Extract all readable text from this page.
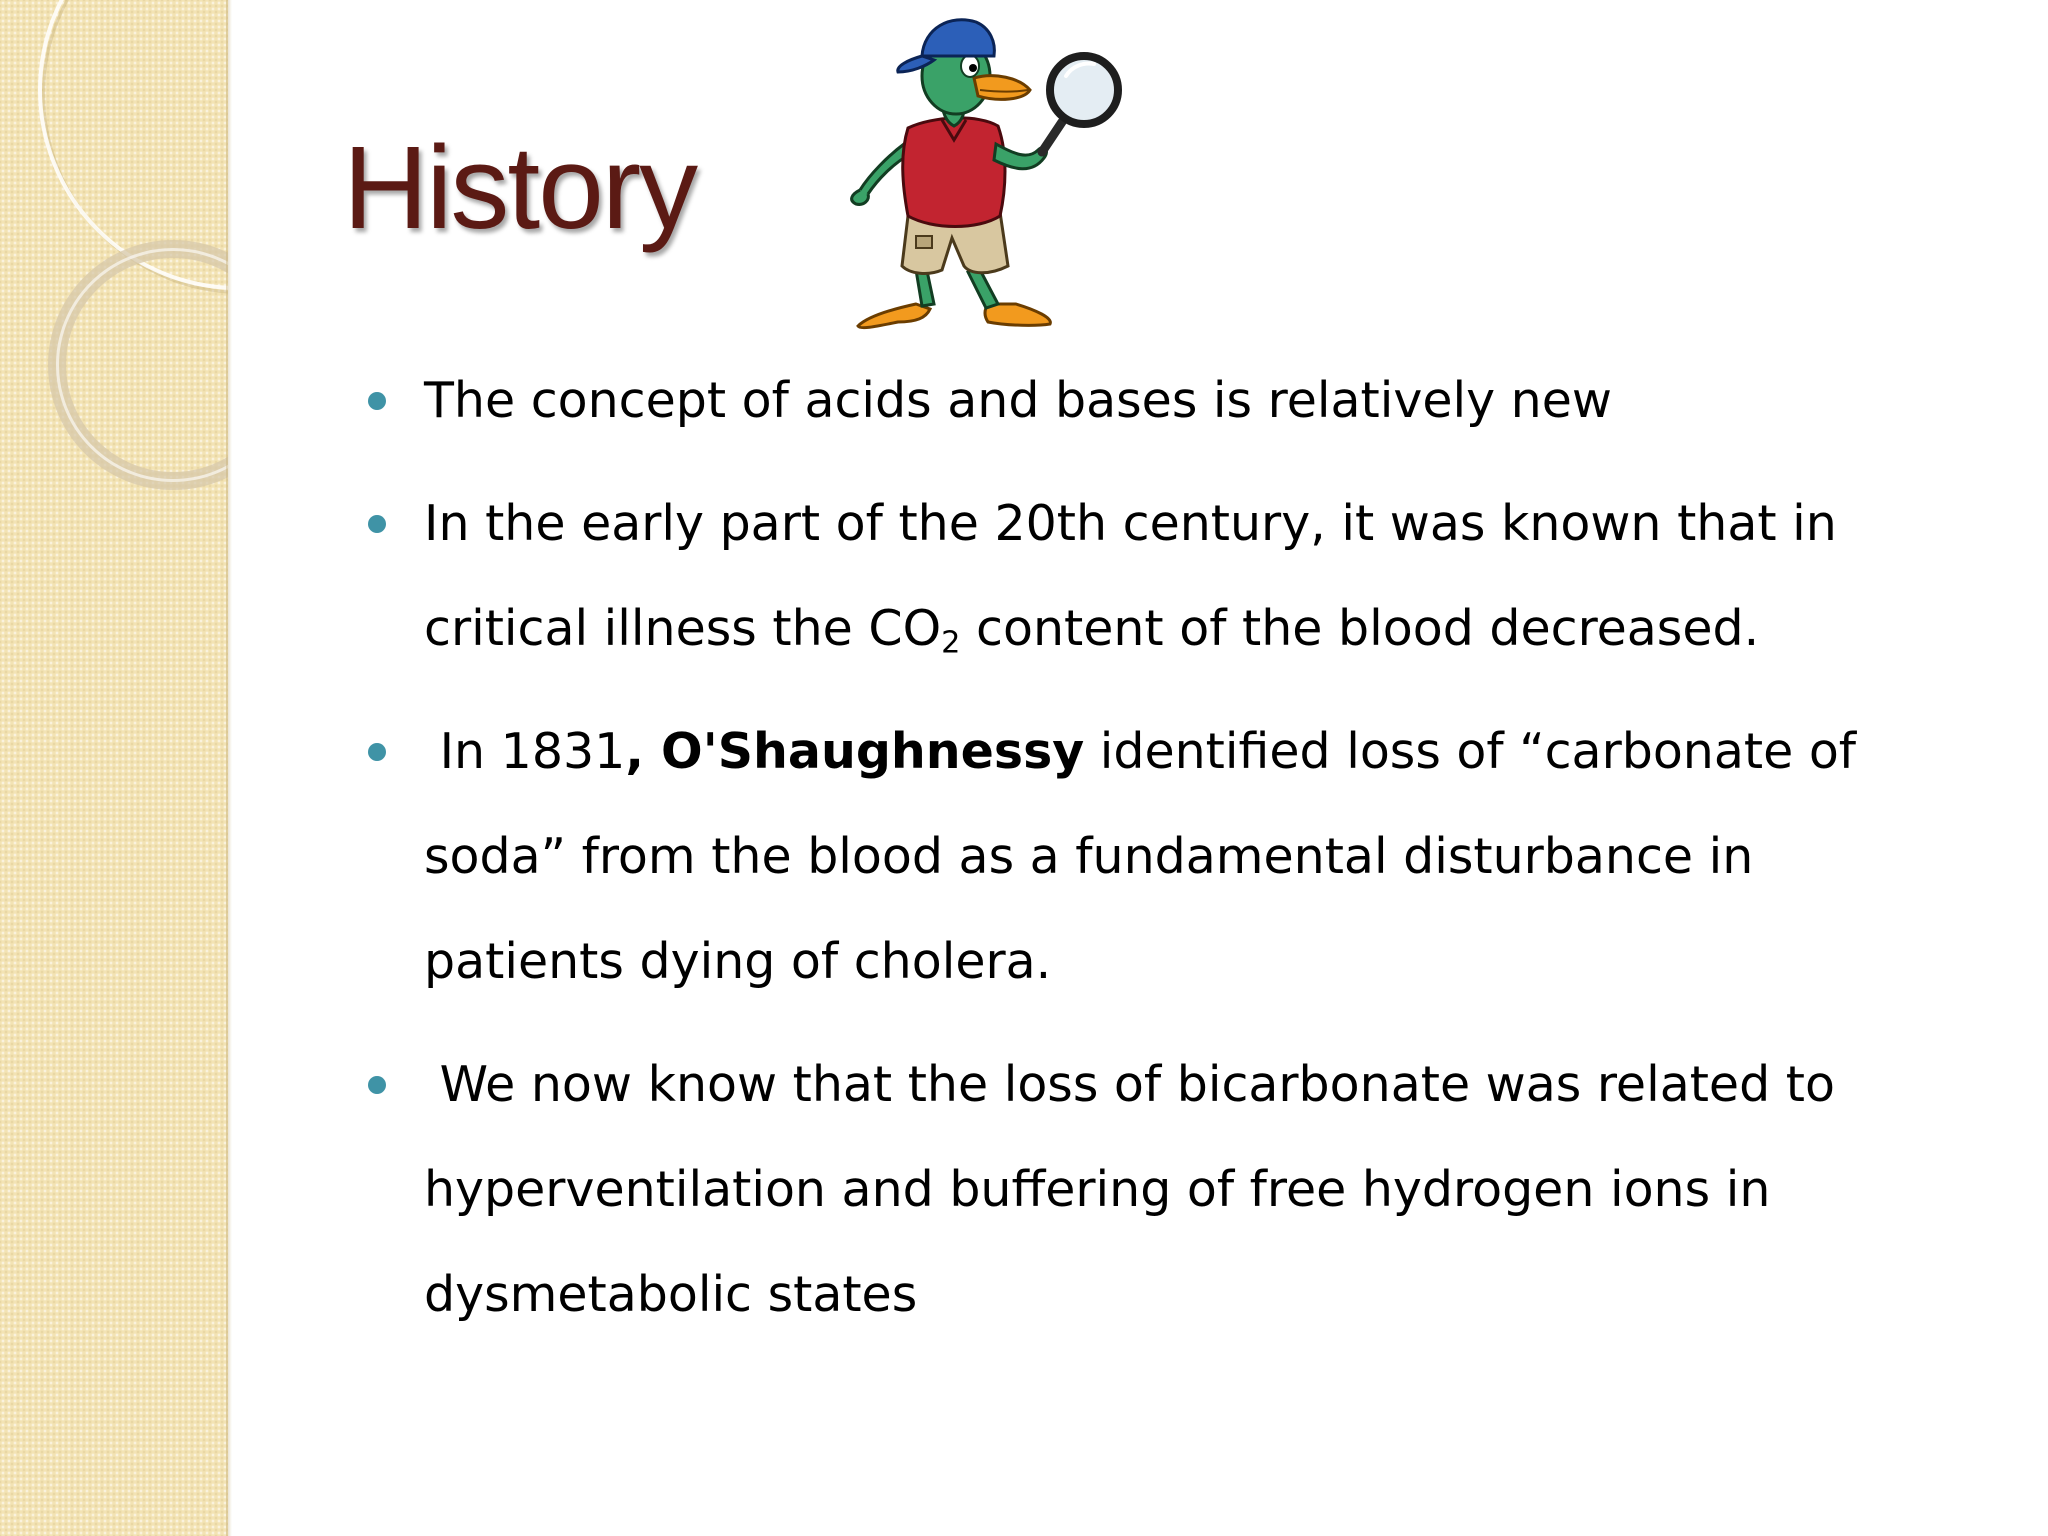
History
The concept of acids and bases is relatively new
In the early part of the 20th century, it was known that in critical illness the $CO_2$ content of the blood decreased.
In 1831, O'Shaughnessy identified loss of “carbonate of soda” from the blood as a fundamental disturbance in patients dying of cholera.
We now know that the loss of bicarbonate was related to hyperventilation and buffering of free hydrogen ions in dysmetabolic states
